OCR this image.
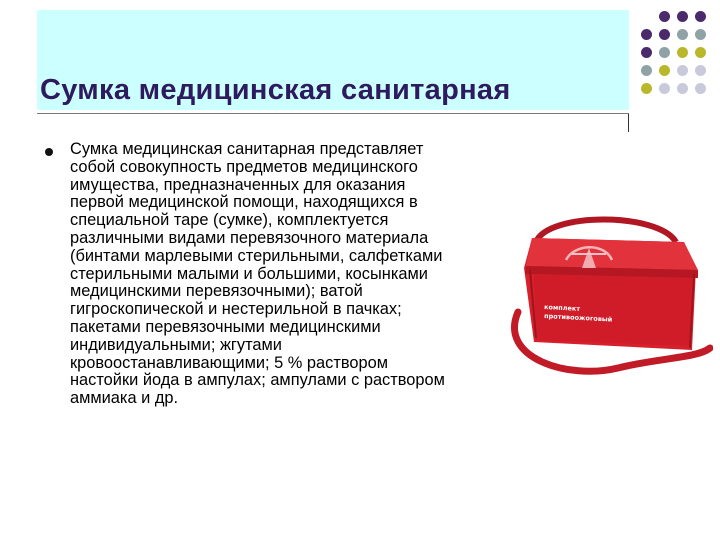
Сумка медицинская санитарная
Сумка медицинская санитарная представляет
собой совокупность предметов медицинского
имущества, предназначенных для оказания
первой медицинской помощи, находящихся в
специальной таре (сумке), комплектуется
различными видами перевязочного материала
(бинтами марлевыми стерильными, салфетками
стерильными малыми и большими, косынками
медицинскими перевязочными); ватой
гигроскопической и нестерильной в пачках;
пакетами перевязочными медицинскими
индивидуальными; жгутами
кровоостанавливающими; 5 % раствором
настойки йода в ампулах; ампулами с раствором
аммиака и др.
комплект
противоожоговый
